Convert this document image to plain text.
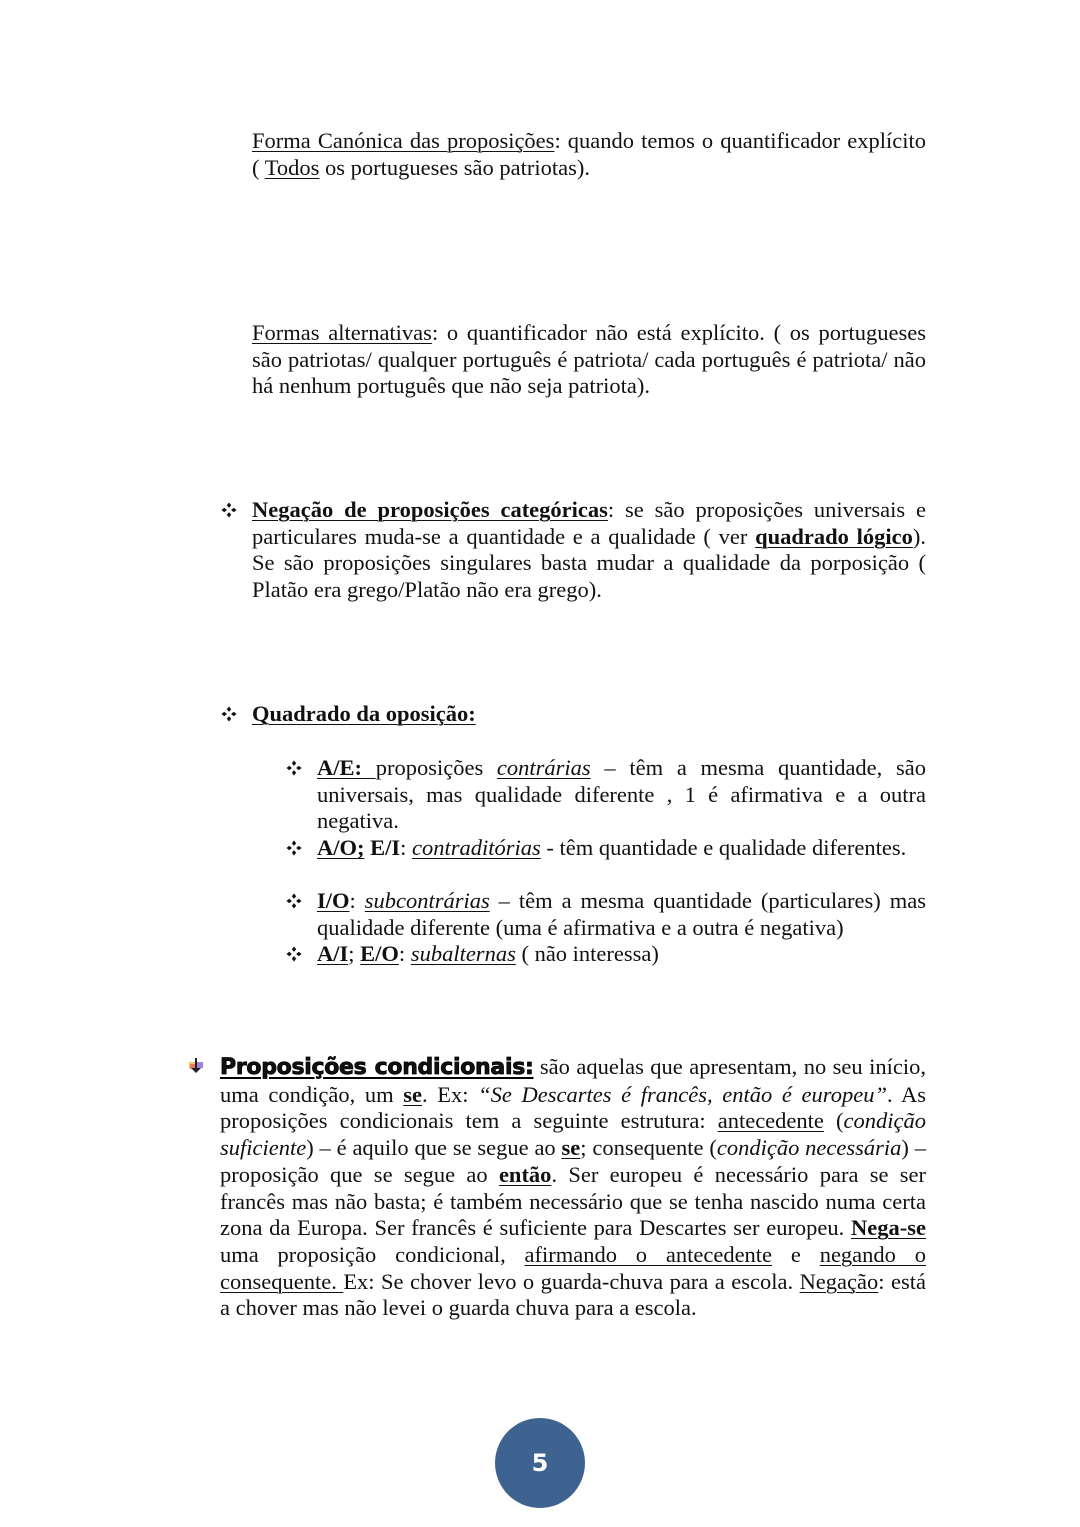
Forma Canónica das proposições: quando temos o quantificador explícito ( Todos os portugueses são patriotas).
Formas alternativas: o quantificador não está explícito. ( os portugueses são patriotas/ qualquer português é patriota/ cada português é patriota/ não há nenhum português que não seja patriota).
Negação de proposições categóricas: se são proposições universais e particulares muda-se a quantidade e a qualidade ( ver quadrado lógico). Se são proposições singulares basta mudar a qualidade da porposição ( Platão era grego/Platão não era grego).
Quadrado da oposição:
A/E: proposições contrárias – têm a mesma quantidade, são universais, mas qualidade diferente , 1 é afirmativa e a outra negativa.
A/O; E/I: contraditórias - têm quantidade e qualidade diferentes.
I/O: subcontrárias – têm a mesma quantidade (particulares) mas qualidade diferente (uma é afirmativa e a outra é negativa)
A/I; E/O: subalternas ( não interessa)
Proposições condicionais: são aquelas que apresentam, no seu início, uma condição, um se. Ex: “Se Descartes é francês, então é europeu”. As proposições condicionais tem a seguinte estrutura: antecedente (condição suficiente) – é aquilo que se segue ao se; consequente (condição necessária) – proposição que se segue ao então. Ser europeu é necessário para se ser francês mas não basta; é também necessário que se tenha nascido numa certa zona da Europa. Ser francês é suficiente para Descartes ser europeu. Nega-se uma proposição condicional, afirmando o antecedente e negando o consequente. Ex: Se chover levo o guarda-chuva para a escola. Negação: está a chover mas não levei o guarda chuva para a escola.
5
